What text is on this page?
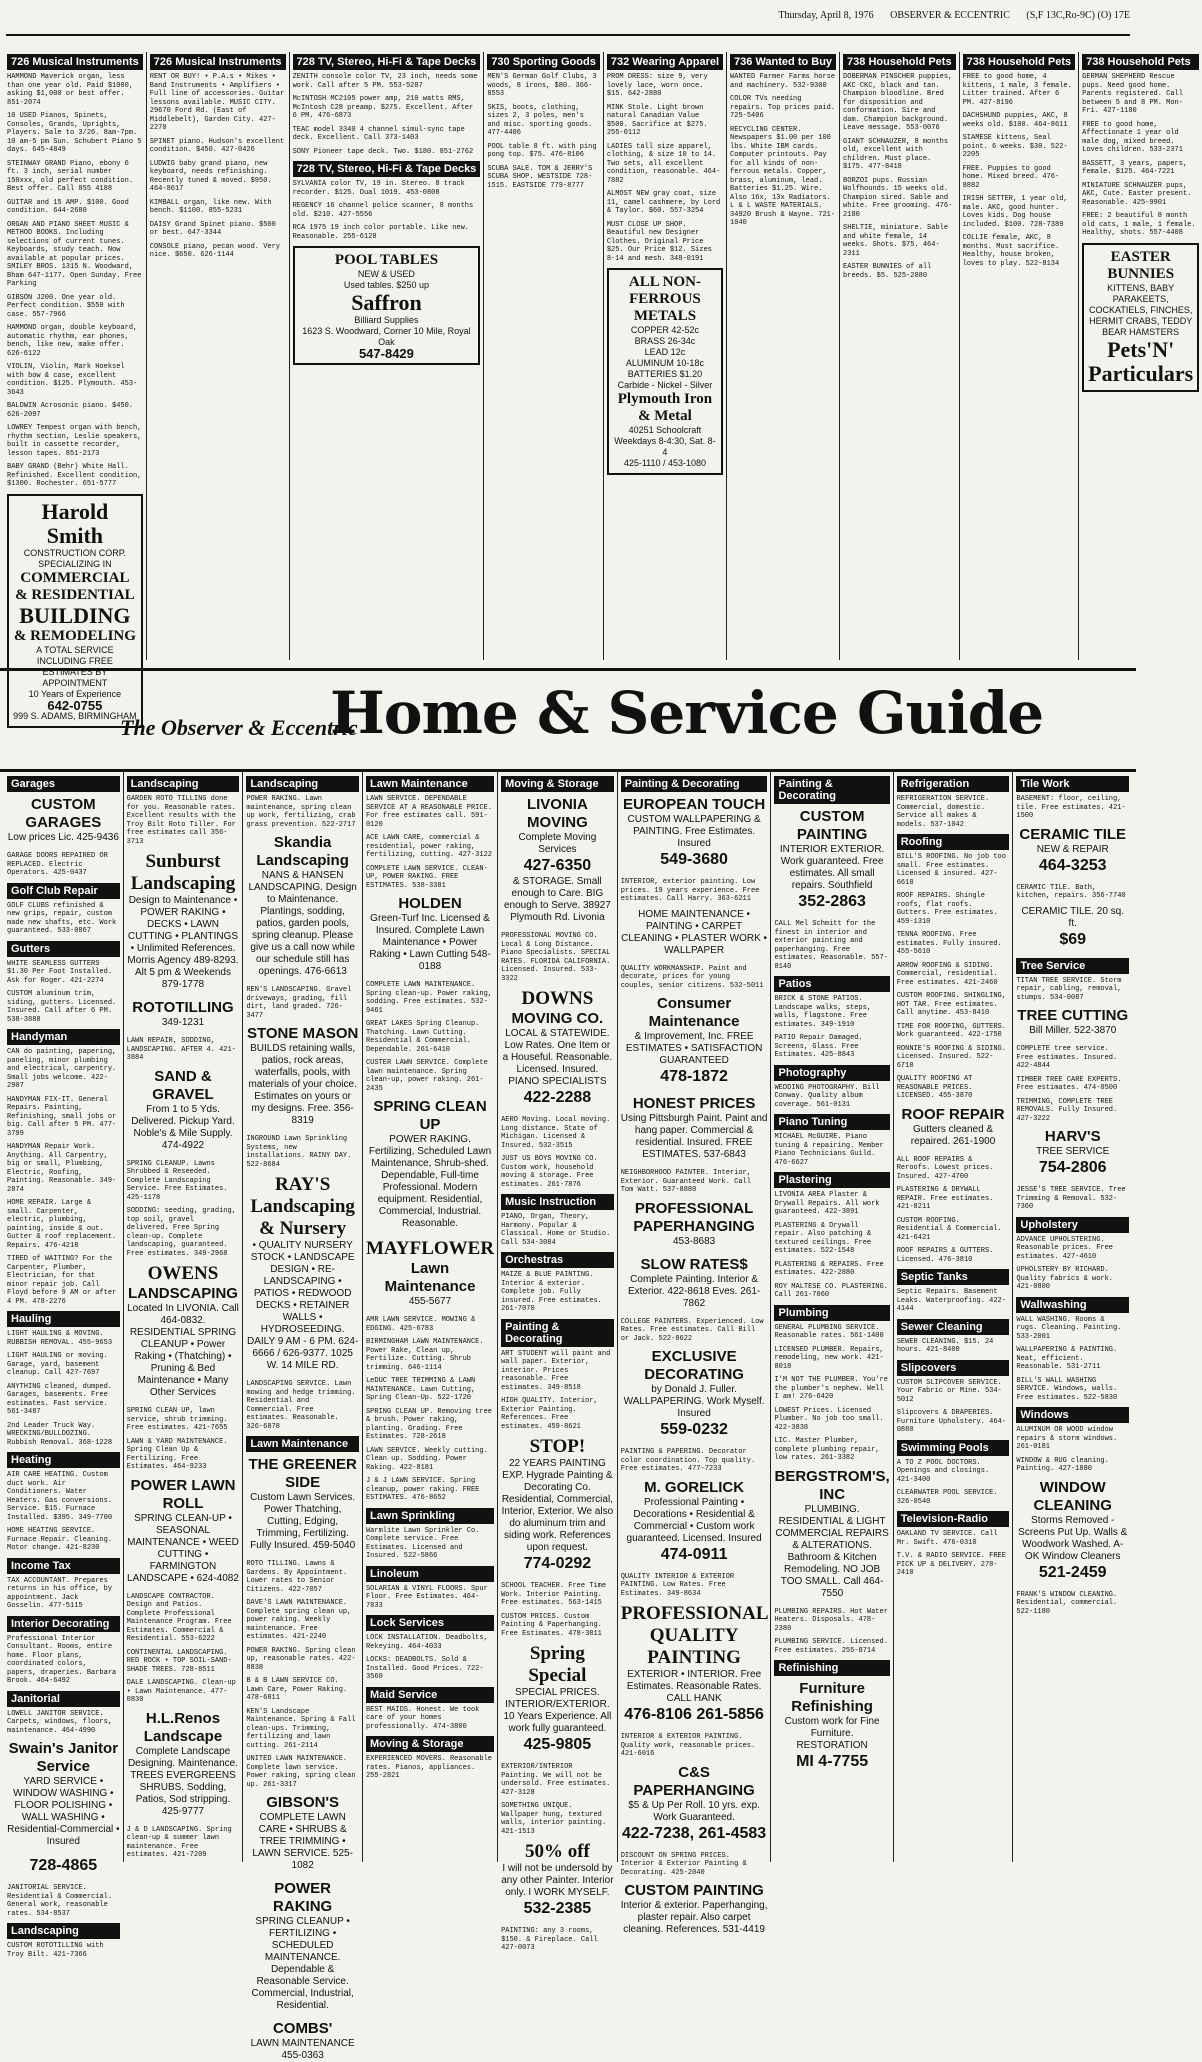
Thursday, April 8, 1976 OBSERVER & ECCENTRIC (S,F 13C,Ro-9C) (O) 17E
726 Musical Instruments
HAMMOND Maverick organ, less than one year old. Paid $1000, asking $1,000 or best offer. 851-2074
10 USED Pianos, Spinets, Consoles, Grands, Uprights, Players. Sale to 3/26. 8am-7pm. 10 am-5 pm Sun. Schubert Piano 5 days. 645-4849
STEINWAY GRAND Piano, ebony 6 ft. 3 inch, serial number 150xxx, old perfect condition. Best offer. Call 855 4188
GUITAR and 15 AMP. $100. Good condition. 644-2680
ORGAN AND PIANO SHEET MUSIC & METHOD BOOKS. Including selections of current tunes. Keyboards, study teach. Now available at popular prices. SMILEY BROS. 1315 N. Woodward, Bham 647-1177. Open Sunday. Free Parking
GIBSON J200. One year old. Perfect condition. $550 with case. 557-7966
HAMMOND organ, double keyboard, automatic rhythm, ear phones, bench, like new, make offer. 626-6122
VIOLIN, Violin, Mark Hoeksel with bow & case, excellent condition. $125. Plymouth. 453-3643
BALDWIN Acrosonic piano. $450. 626-2097
LOWREY Tempest organ with bench, rhythm section, Leslie speakers, built in cassette recorder, lesson tapes. 851-2173
BABY GRAND (Behr) White Hall. Refinished. Excellent condition, $1300. Rochester. 651-5777
Harold Smith
CONSTRUCTION CORP.
SPECIALIZING IN
COMMERCIAL & RESIDENTIAL
BUILDING
& REMODELING
A TOTAL SERVICE INCLUDING FREE ESTIMATES BY APPOINTMENT
10 Years of Experience
642-0755
999 S. ADAMS, BIRMINGHAM
726 Musical Instruments
RENT OR BUY! • P.A.s • Mikes • Band Instruments • Amplifiers • Full line of accessories. Guitar lessons available. MUSIC CITY. 29670 Ford Rd. (East of Middlebelt), Garden City. 427-2270
SPINET piano. Hudson's excellent condition. $450. 427-0426
LUDWIG baby grand piano, new keyboard, needs refinishing. Recently tuned & moved. $950. 464-8617
KIMBALL organ, like new. With bench. $1100. 855-5231
DAISY Grand Spinet piano. $500 or best. 647-3344
CONSOLE piano, pecan wood. Very nice. $650. 626-1144
728 TV, Stereo, Hi-Fi & Tape Decks
ZENITH console color TV, 23 inch, needs some work. Call after 5 PM. 553-5287
McINTOSH MC2105 power amp, 210 watts RMS, McIntosh C28 preamp. $275. Excellent. After 6 PM. 476-6873
TEAC model 3340 4 channel simul-sync tape deck. Excellent. Call 373-1403
SONY Pioneer tape deck. Two. $180. 851-2762
728 TV, Stereo, Hi-Fi & Tape Decks
SYLVANIA color TV, 19 in. Stereo. 8 track recorder. $125. Dual 1019. 453-0808
REGENCY 16 channel police scanner, 8 months old. $210. 427-5556
RCA 1975 19 inch color portable. Like new. Reasonable. 255-6128
POOL TABLES
NEW & USED
Used tables. $250 up
Saffron
Billiard Supplies
1623 S. Woodward, Corner 10 Mile, Royal Oak
547-8429
730 Sporting Goods
MEN'S German Golf Clubs, 3 woods, 8 irons, $80. 366-8553
SKIS, boots, clothing, sizes 2, 3 poles, men's and misc. sporting goods. 477-4406
POOL table 8 ft. with ping pong top. $75. 476-8106
SCUBA SALE. TOM & JERRY'S SCUBA SHOP. WESTSIDE 728-1515. EASTSIDE 779-8777
732 Wearing Apparel
PROM DRESS: size 9, very lovely lace, worn once. $15. 642-2880
MINK Stole. Light brown natural Canadian Value $500. Sacrifice at $275. 255-0112
LADIES tall size apparel, clothing, & size 10 to 14. Two sets, all excellent condition, reasonable. 464-7882
ALMOST NEW gray coat, size 11, camel cashmere, by Lord & Taylor. $60. 557-3254
MUST CLOSE UP SHOP. Beautiful new Designer Clothes. Original Price $25. Our Price $12. Sizes 8-14 and mesh. 348-0191
ALL NON-FERROUS METALS
COPPER 42-52c
BRASS 26-34c
LEAD 12c
ALUMINUM 10-18c
BATTERIES $1.20
Carbide - Nickel - Silver
Plymouth Iron & Metal
40251 Schoolcraft
Weekdays 8-4:30, Sat. 8-4
425-1110 / 453-1080
736 Wanted to Buy
WANTED Farmer Farms horse and machinery. 532-9300
COLOR TVs needing repairs. Top prices paid. 725-5406
RECYCLING CENTER. Newspapers $1.00 per 100 lbs. White IBM cards. Computer printouts. Pay for all kinds of non-ferrous metals. Copper, brass, aluminum, lead. Batteries $1.25. Wire. Also 16x, 13x Radiators. L & L WASTE MATERIALS. 34920 Brush & Wayne. 721-1040
738 Household Pets
DOBERMAN PINSCHER puppies, AKC CKC, black and tan. Champion bloodline. Bred for disposition and conformation. Sire and dam. Champion background. Leave message. 553-0076
GIANT SCHNAUZER, 8 months old, excellent with children. Must place. $175. 477-8418
BORZOI pups. Russian Wolfhounds. 15 weeks old. Champion sired. Sable and white. Free grooming. 476-2180
SHELTIE, miniature. Sable and white female, 14 weeks. Shots. $75. 464-2311
EASTER BUNNIES of all breeds. $5. 525-2880
738 Household Pets
FREE to good home, 4 kittens, 1 male, 3 female. Litter trained. After 6 PM. 427-8196
DACHSHUND puppies, AKC, 8 weeks old. $100. 464-8611
SIAMESE kittens, Seal point. 6 weeks. $30. 522-2205
FREE. Puppies to good home. Mixed breed. 476-8882
IRISH SETTER, 1 year old, male. AKC, good hunter. Loves kids. Dog house included. $100. 728-7389
COLLIE female, AKC, 8 months. Must sacrifice. Healthy, house broken, loves to play. 522-8134
738 Household Pets
GERMAN SHEPHERD Rescue pups. Need good home. Parents registered. Call between 5 and 8 PM. Mon-Fri. 427-1180
FREE to good home, Affectionate 1 year old male dog, mixed breed. Loves children. 533-2371
BASSETT, 3 years, papers, female. $125. 464-7221
MINIATURE SCHNAUZER pups, AKC, Cute. Easter present. Reasonable. 425-9901
FREE: 2 beautiful 8 month old cats, 1 male, 1 female. Healthy, shots. 557-4408
EASTER BUNNIES
KITTENS, BABY PARAKEETS, COCKATIELS, FINCHES, HERMIT CRABS, TEDDY BEAR HAMSTERS
Pets'N' Particulars
The Observer & Eccentric
Home & Service Guide
Garages
CUSTOM GARAGES
Low prices Lic. 425-9436
GARAGE DOORS REPAIRED OR REPLACED. Electric Operators. 425-0437
Golf Club Repair
GOLF CLUBS refinished & new grips, repair, custom made new shafts, etc. Work guaranteed. 533-0867
Gutters
WHITE SEAMLESS GUTTERS $1.30 Per Foot Installed. Ask for Roger. 421-2274
CUSTOM aluminum trim, siding, gutters. Licensed. Insured. Call after 6 PM. 538-3888
Handyman
CAN do painting, papering, paneling, minor plumbing and electrical, carpentry. Small jobs welcome. 422-2907
HANDYMAN FIX-IT. General Repairs. Painting, Refinishing, small jobs or big. Call after 5 PM. 477-3799
HANDYMAN Repair Work. Anything. All Carpentry, big or small, Plumbing, Electric, Roofing, Painting. Reasonable. 349-2874
HOME REPAIR. Large & small. Carpenter, electric, plumbing, painting, inside & out. Gutter & roof replacement. Repairs. 476-4218
TIRED of WAITING? For the Carpenter, Plumber, Electrician, for that minor repair job. Call Floyd before 9 AM or after 4 PM. 478-2276
Hauling
LIGHT HAULING & MOVING. RUBBISH REMOVAL. 455-9653
LIGHT HAULING or moving. Garage, yard, basement cleanup. Call 427-7697
ANYTHING cleaned, dumped. Garages, basements. Free estimates. Fast service. 561-3487
2nd Leader Truck Way. WRECKING/BULLDOZING. Rubbish Removal. 368-1228
Heating
AIR CARE HEATING. Custom duct work. Air Conditioners. Water Heaters. Gas conversions. Service. $15. Furnace Installed. $395. 349-7700
HOME HEATING SERVICE. Furnace Repair. Cleaning. Motor change. 421-8230
Income Tax
TAX ACCOUNTANT. Prepares returns in his office, by appointment. Jack Gosselin. 477-5115
Interior Decorating
Professional Interior Consultant. Rooms, entire home. Floor plans, coordinated colors, papers, draperies. Barbara Brook. 464-6492
Janitorial
LOWELL JANITOR SERVICE. Carpets, windows, floors, maintenance. 464-4990
Swain's Janitor Service
YARD SERVICE • WINDOW WASHING • FLOOR POLISHING • WALL WASHING • Residential-Commercial • Insured
728-4865
JANITORIAL SERVICE. Residential & Commercial. General work, reasonable rates. 534-8537
Landscaping
CUSTOM ROTOTILLING with Troy Bilt. 421-7366
Landscaping
GARDEN ROTO TILLING done for you. Reasonable rates. Excellent results with the Troy Bilt Roto Tiller. For free estimates call 356-3713
Sunburst Landscaping
Design to Maintenance • POWER RAKING • DECKS • LAWN CUTTING • PLANTINGS • Unlimited References. Morris Agency 489-8293. Alt 5 pm & Weekends 879-1778
ROTOTILLING
349-1231
LAWN REPAIR, SODDING, LANDSCAPING. AFTER 4. 421-3884
SAND & GRAVEL
From 1 to 5 Yds. Delivered. Pickup Yard. Noble's & Mile Supply. 474-4922
SPRING CLEANUP. Lawns Shrubbed & Reseeded. Complete Landscaping Service. Free Estimates. 425-1178
SODDING: seeding, grading, top soil, gravel delivered. Free Spring clean-up. Complete landscaping, guaranteed. Free estimates. 349-2968
OWENS
LANDSCAPING
Located In LIVONIA. Call 464-0832. RESIDENTIAL SPRING CLEANUP • Power Raking • (Thatching) • Pruning & Bed Maintenance • Many Other Services
SPRING CLEAN UP, lawn service, shrub trimming. Free estimates. 421-7655
LAWN & YARD MAINTENANCE. Spring Clean Up & Fertilizing. Free Estimates. 464-9233
POWER LAWN ROLL
SPRING CLEAN-UP • SEASONAL MAINTENANCE • WEED CUTTING • FARMINGTON LANDSCAPE • 624-4082
LANDSCAPE CONTRACTOR. Design and Patios. Complete Professional Maintenance Program. Free Estimates. Commercial & Residential. 553-6222
CONTINENTAL LANDSCAPING. RED ROCK • TOP SOIL-SAND-SHADE TREES. 728-8511
DALE LANDSCAPING. Clean-up • Lawn Maintenance. 477-0830
H.L.Renos Landscape
Complete Landscape Designing. Maintenance. TREES EVERGREENS SHRUBS. Sodding, Patios, Sod stripping. 425-9777
J & D LANDSCAPING. Spring clean-up & summer lawn maintenance. Free estimates. 421-7209
Landscaping
POWER RAKING. Lawn maintenance, spring clean up work, fertilizing, crab grass prevention. 522-2717
Skandia Landscaping
NANS & HANSEN LANDSCAPING. Design to Maintenance. Plantings, sodding, patios, garden pools, spring cleanup. Please give us a call now while our schedule still has openings. 476-6613
REN'S LANDSCAPING. Gravel driveways, grading, fill dirt, land graded. 726-3477
STONE MASON
BUILDS retaining walls, patios, rock areas, waterfalls, pools, with materials of your choice. Estimates on yours or my designs. Free. 356-8319
INGROUND Lawn Sprinkling Systems, new installations. RAINY DAY. 522-8684
RAY'S Landscaping & Nursery
• QUALITY NURSERY STOCK • LANDSCAPE DESIGN • RE-LANDSCAPING • PATIOS • REDWOOD DECKS • RETAINER WALLS • HYDROSEEDING. DAILY 9 AM - 6 PM. 624-6666 / 626-9377. 1025 W. 14 MILE RD.
LANDSCAPING SERVICE. Lawn mowing and hedge trimming. Residential and Commercial. Free estimates. Reasonable. 326-6878
Lawn Maintenance
THE GREENER SIDE
Custom Lawn Services. Power Thatching, Cutting, Edging, Trimming, Fertilizing. Fully Insured. 459-5040
ROTO TILLING. Lawns & Gardens. By Appointment. Lower rates to Senior Citizens. 422-7057
DAVE'S LAWN MAINTENANCE. Complete spring clean up, power raking. Weekly maintenance. Free estimates. 421-2240
POWER RAKING. Spring clean up, reasonable rates. 422-8838
B & B LAWN SERVICE CO. Lawn Care, Power Raking. 478-6811
KEN'S Landscape Maintenance. Spring & Fall clean-ups. Trimming, fertilizing and lawn cutting. 261-2114
UNITED LAWN MAINTENANCE. Complete lawn service. Power raking, spring clean up. 261-3317
GIBSON'S
COMPLETE LAWN CARE • SHRUBS & TREE TRIMMING • LAWN SERVICE. 525-1082
POWER RAKING
SPRING CLEANUP • FERTILIZING • SCHEDULED MAINTENANCE. Dependable & Reasonable Service. Commercial, Industrial, Residential.
COMBS'
LAWN MAINTENANCE 455-0363
Lawn Maintenance
LAWN SERVICE. DEPENDABLE SERVICE AT A REASONABLE PRICE. For free estimates call. 591-0120
ACE LAWN CARE, commercial & residential, power raking, fertilizing, cutting. 427-3122
COMPLETE LAWN SERVICE. CLEAN-UP, POWER RAKING. FREE ESTIMATES. 538-3381
HOLDEN
Green-Turf Inc. Licensed & Insured. Complete Lawn Maintenance • Power Raking • Lawn Cutting 548-0188
COMPLETE LAWN MAINTENANCE. Spring clean-up. Power raking, sodding. Free estimates. 532-9461
GREAT LAKES Spring Cleanup. Thatching. Lawn Cutting. Residential & Commercial. Dependable. 261-6410
CUSTER LAWN SERVICE. Complete lawn maintenance. Spring clean-up, power raking. 261-2435
SPRING CLEAN UP
POWER RAKING. Fertilizing, Scheduled Lawn Maintenance, Shrub-shed. Dependable, Full-time Professional. Modern equipment. Residential, Commercial, Industrial. Reasonable.
MAYFLOWER
Lawn Maintenance
455-5677
AMR LAWN SERVICE. MOWING & EDGING. 425-6783
BIRMINGHAM LAWN MAINTENANCE. Power Rake, Clean up, Fertilize. Cutting. Shrub trimming. 646-1114
LeDUC TREE TRIMMING & LAWN MAINTENANCE. Lawn Cutting, Spring Clean-Up. 522-1720
SPRING CLEAN UP. Removing tree & brush. Power raking, planting. Grading. Free Estimates. 728-2618
LAWN SERVICE. Weekly cutting. Clean up. Sodding. Power Raking. 422-8181
J & J LAWN SERVICE. Spring cleanup, power raking. FREE ESTIMATES. 476-8652
Lawn Sprinkling
Warmlite Lawn Sprinkler Co. Complete service. Free Estimates. Licensed and Insured. 522-5866
Linoleum
SOLARIAN & VINYL FLOORS. Spur Floor. Free Estimates. 464-7833
Lock Services
LOCK INSTALLATION. Deadbolts, Rekeying. 464-4033
LOCKS: DEADBOLTS. Sold & Installed. Good Prices. 722-3560
Maid Service
BEST MAIDS. Honest. We took care of your homes professionally. 474-3800
Moving & Storage
EXPERIENCED MOVERS. Reasonable rates. Pianos, appliances. 255-2821
Moving & Storage
LIVONIA MOVING
Complete Moving Services
427-6350
& STORAGE. Small enough to Care. BIG enough to Serve. 38927 Plymouth Rd. Livonia
PROFESSIONAL MOVING CO. Local & Long Distance. Piano Specialists. SPECIAL RATES. FLORIDA CALIFORNIA. Licensed. Insured. 533-3322
DOWNS
MOVING CO.
LOCAL & STATEWIDE. Low Rates. One Item or a Houseful. Reasonable. Licensed. Insured. PIANO SPECIALISTS
422-2288
AERO Moving. Local moving. Long distance. State of Michigan. Licensed & Insured. 532-3515
JUST US BOYS MOVING CO. Custom work, household moving & storage. Free estimates. 261-7876
Music Instruction
PIANO, Organ, Theory, Harmony. Popular & Classical. Home or Studio. Call 534-3084
Orchestras
MAIZE & BLUE PAINTING. Interior & exterior. Complete job. Fully insured. Free estimates. 261-7070
Painting & Decorating
ART STUDENT will paint and wall paper. Exterior, interior. Prices reasonable. Free estimates. 349-8518
HIGH QUALITY. Interior, Exterior Painting. References. Free estimates. 459-8621
STOP!
22 YEARS PAINTING EXP. Hygrade Painting & Decorating Co. Residential, Commercial, Interior, Exterior. We also do aluminum trim and siding work. References upon request.
774-0292
SCHOOL TEACHER. Free Time Work. Interior Painting. Free estimates. 563-1415
CUSTOM PRICES. Custom Painting & Paperhanging. Free Estimates. 478-3811
Spring Special
SPECIAL PRICES. INTERIOR/EXTERIOR. 10 Years Experience. All work fully guaranteed.
425-9805
EXTERIOR/INTERIOR Painting. We will not be undersold. Free estimates. 427-3128
SOMETHING UNIQUE. Wallpaper hung, textured walls, interior painting. 421-1513
50% off
I will not be undersold by any other Painter. Interior only. I WORK MYSELF.
532-2385
PAINTING: any 3 rooms, $150. & Fireplace. Call 427-0073
Painting & Decorating
EUROPEAN TOUCH
CUSTOM WALLPAPERING & PAINTING. Free Estimates. Insured
549-3680
INTERIOR, exterior painting. Low prices. 19 years experience. Free estimates. Call Harry. 363-6211
HOME MAINTENANCE • PAINTING • CARPET CLEANING • PLASTER WORK • WALLPAPER
QUALITY WORKMANSHIP. Paint and decorate, prices for young couples, senior citizens. 532-5011
Consumer Maintenance
& Improvement, Inc. FREE ESTIMATES • SATISFACTION GUARANTEED
478-1872
HONEST PRICES
Using Pittsburgh Paint. Paint and hang paper. Commercial & residential. Insured. FREE ESTIMATES. 537-6843
NEIGHBORHOOD PAINTER. Interior, Exterior. Guaranteed Work. Call Tom Watt. 537-8880
PROFESSIONAL PAPERHANGING
453-8683
SLOW RATES$
Complete Painting. Interior & Exterior. 422-8618 Eves. 261-7862
COLLEGE PAINTERS. Experienced. Low Rates. Free estimates. Call Bill or Jack. 522-8622
EXCLUSIVE DECORATING
by Donald J. Fuller. WALLPAPERING. Work Myself. Insured
559-0232
PAINTING & PAPERING. Decorator color coordination. Top quality. Free estimates. 477-7233
M. GORELICK
Professional Painting • Decorations • Residential & Commercial • Custom work guaranteed. Licensed. Insured
474-0911
QUALITY INTERIOR & EXTERIOR PAINTING. Low Rates. Free Estimates. 349-8634
PROFESSIONAL QUALITY PAINTING
EXTERIOR • INTERIOR. Free Estimates. Reasonable Rates. CALL HANK
476-8106 261-5856
INTERIOR & EXTERIOR PAINTING. Quality work, reasonable prices. 421-6016
C&S PAPERHANGING
$5 & Up Per Roll. 10 yrs. exp. Work Guaranteed.
422-7238, 261-4583
DISCOUNT ON SPRING PRICES. Interior & Exterior Painting & Decorating. 425-2040
CUSTOM PAINTING
Interior & exterior. Paperhanging, plaster repair. Also carpet cleaning. References. 531-4419
Painting & Decorating
CUSTOM PAINTING
INTERIOR EXTERIOR. Work guaranteed. Free estimates. All small repairs. Southfield
352-2863
CALL Mel Schmitt for the finest in interior and exterior painting and paperhanging. Free estimates. Reasonable. 557-8140
Patios
BRICK & STONE PATIOS. Landscape walks, steps, walls, flagstone. Free estimates. 349-1910
PATIO Repair Damaged. Screens, Glass. Free Estimates. 425-8843
Photography
WEDDING PHOTOGRAPHY. Bill Conway. Quality album coverage. 561-0131
Piano Tuning
MICHAEL McGUIRE. Piano tuning & repairing. Member Piano Technicians Guild. 476-6627
Plastering
LIVONIA AREA Plaster & Drywall Repairs. All work guaranteed. 422-3891
PLASTERING & Drywall repair. Also patching & textured ceilings. Free estimates. 522-1548
PLASTERING & REPAIRS. Free estimates. 422-2880
ROY MALTESE CO. PLASTERING. Call 261-7060
Plumbing
GENERAL PLUMBING SERVICE. Reasonable rates. 561-1400
LICENSED PLUMBER. Repairs, remodeling, new work. 421-8018
I'M NOT THE PLUMBER. You're the plumber's nephew. Well I am! 276-6420
LOWEST Prices. Licensed Plumber. No job too small. 422-3838
LIC. Master Plumber, complete plumbing repair, low rates. 261-3382
BERGSTROM'S, INC
PLUMBING. RESIDENTIAL & LIGHT COMMERCIAL REPAIRS & ALTERATIONS. Bathroom & Kitchen Remodeling. NO JOB TOO SMALL. Call 464-7550
PLUMBING REPAIRS. Hot Water Heaters. Disposals. 478-2380
PLUMBING SERVICE. Licensed. Free estimates. 255-8714
Refinishing
Furniture Refinishing
Custom work for Fine Furniture. RESTORATION
MI 4-7755
Refrigeration
REFRIGERATION SERVICE. Commercial, domestic. Service all makes & models. 537-1042
Roofing
BILL'S ROOFING. No job too small. Free estimates. Licensed & insured. 427-6610
ROOF REPAIRS. Shingle roofs, flat roofs. Gutters. Free estimates. 459-1310
TENNA ROOFING. Free estimates. Fully insured. 455-5610
ARROW ROOFING & SIDING. Commercial, residential. Free estimates. 421-2460
CUSTOM ROOFING. SHINGLING, HOT TAR. Free estimates. Call anytime. 453-8410
TIME FOR ROOFING, GUTTERS. Work guaranteed. 422-1750
RONNIE'S ROOFING & SIDING. Licensed. Insured. 522-6710
QUALITY ROOFING AT REASONABLE PRICES. LICENSED. 455-3870
ROOF REPAIR
Gutters cleaned & repaired. 261-1900
ALL ROOF REPAIRS & Reroofs. Lowest prices. Insured. 427-4700
PLASTERING & DRYWALL REPAIR. Free estimates. 421-8211
CUSTOM ROOFING. Residential & Commercial. 421-6421
ROOF REPAIRS & GUTTERS. Licensed. 476-3810
Septic Tanks
Septic Repairs. Basement Leaks. Waterproofing. 422-4144
Sewer Cleaning
SEWER CLEANING. $15. 24 hours. 421-8400
Slipcovers
CUSTOM SLIPCOVER SERVICE. Your Fabric or Mine. 534-5012
Slipcovers & DRAPERIES. Furniture Upholstery. 464-0880
Swimming Pools
A TO Z POOL DOCTORS. Openings and closings. 421-3400
CLEARWATER POOL SERVICE. 326-0540
Television-Radio
OAKLAND TV SERVICE. Call Mr. Swift. 476-0310
T.V. & RADIO SERVICE. FREE PICK UP & DELIVERY. 278-2410
Tile Work
BASEMENT: floor, ceiling, tile. Free estimates. 421-1500
CERAMIC TILE
NEW & REPAIR
464-3253
CERAMIC TILE. Bath, kitchen, repairs. 356-7740
CERAMIC TILE. 20 sq. ft.
$69
Tree Service
TITAN TREE SERVICE. Storm repair, cabling, removal, stumps. 534-0087
TREE CUTTING
Bill Miller. 522-3870
COMPLETE tree service. Free estimates. Insured. 422-4844
TIMBER TREE CARE EXPERTS. Free estimates. 474-0500
TRIMMING, COMPLETE TREE REMOVALS. Fully Insured. 427-3222
HARV'S
TREE SERVICE
754-2806
JESSE'S TREE SERVICE. Tree Trimming & Removal. 532-7360
Upholstery
ADVANCE UPHOLSTERING. Reasonable prices. Free estimates. 427-4610
UPHOLSTERY BY RICHARD. Quality fabrics & work. 421-0800
Wallwashing
WALL WASHING. Rooms & rugs. Cleaning. Painting. 533-2001
WALLPAPERING & PAINTING. Neat, efficient. Reasonable. 531-2711
BILL'S WALL WASHING SERVICE. Windows, walls. Free estimates. 522-5830
Windows
ALUMINUM OR WOOD window repairs & storm windows. 261-0181
WINDOW & RUG cleaning. Painting. 427-1880
WINDOW CLEANING
Storms Removed - Screens Put Up. Walls & Woodwork Washed. A-OK Window Cleaners
521-2459
FRANK'S WINDOW CLEANING. Residential, commercial. 522-1180
